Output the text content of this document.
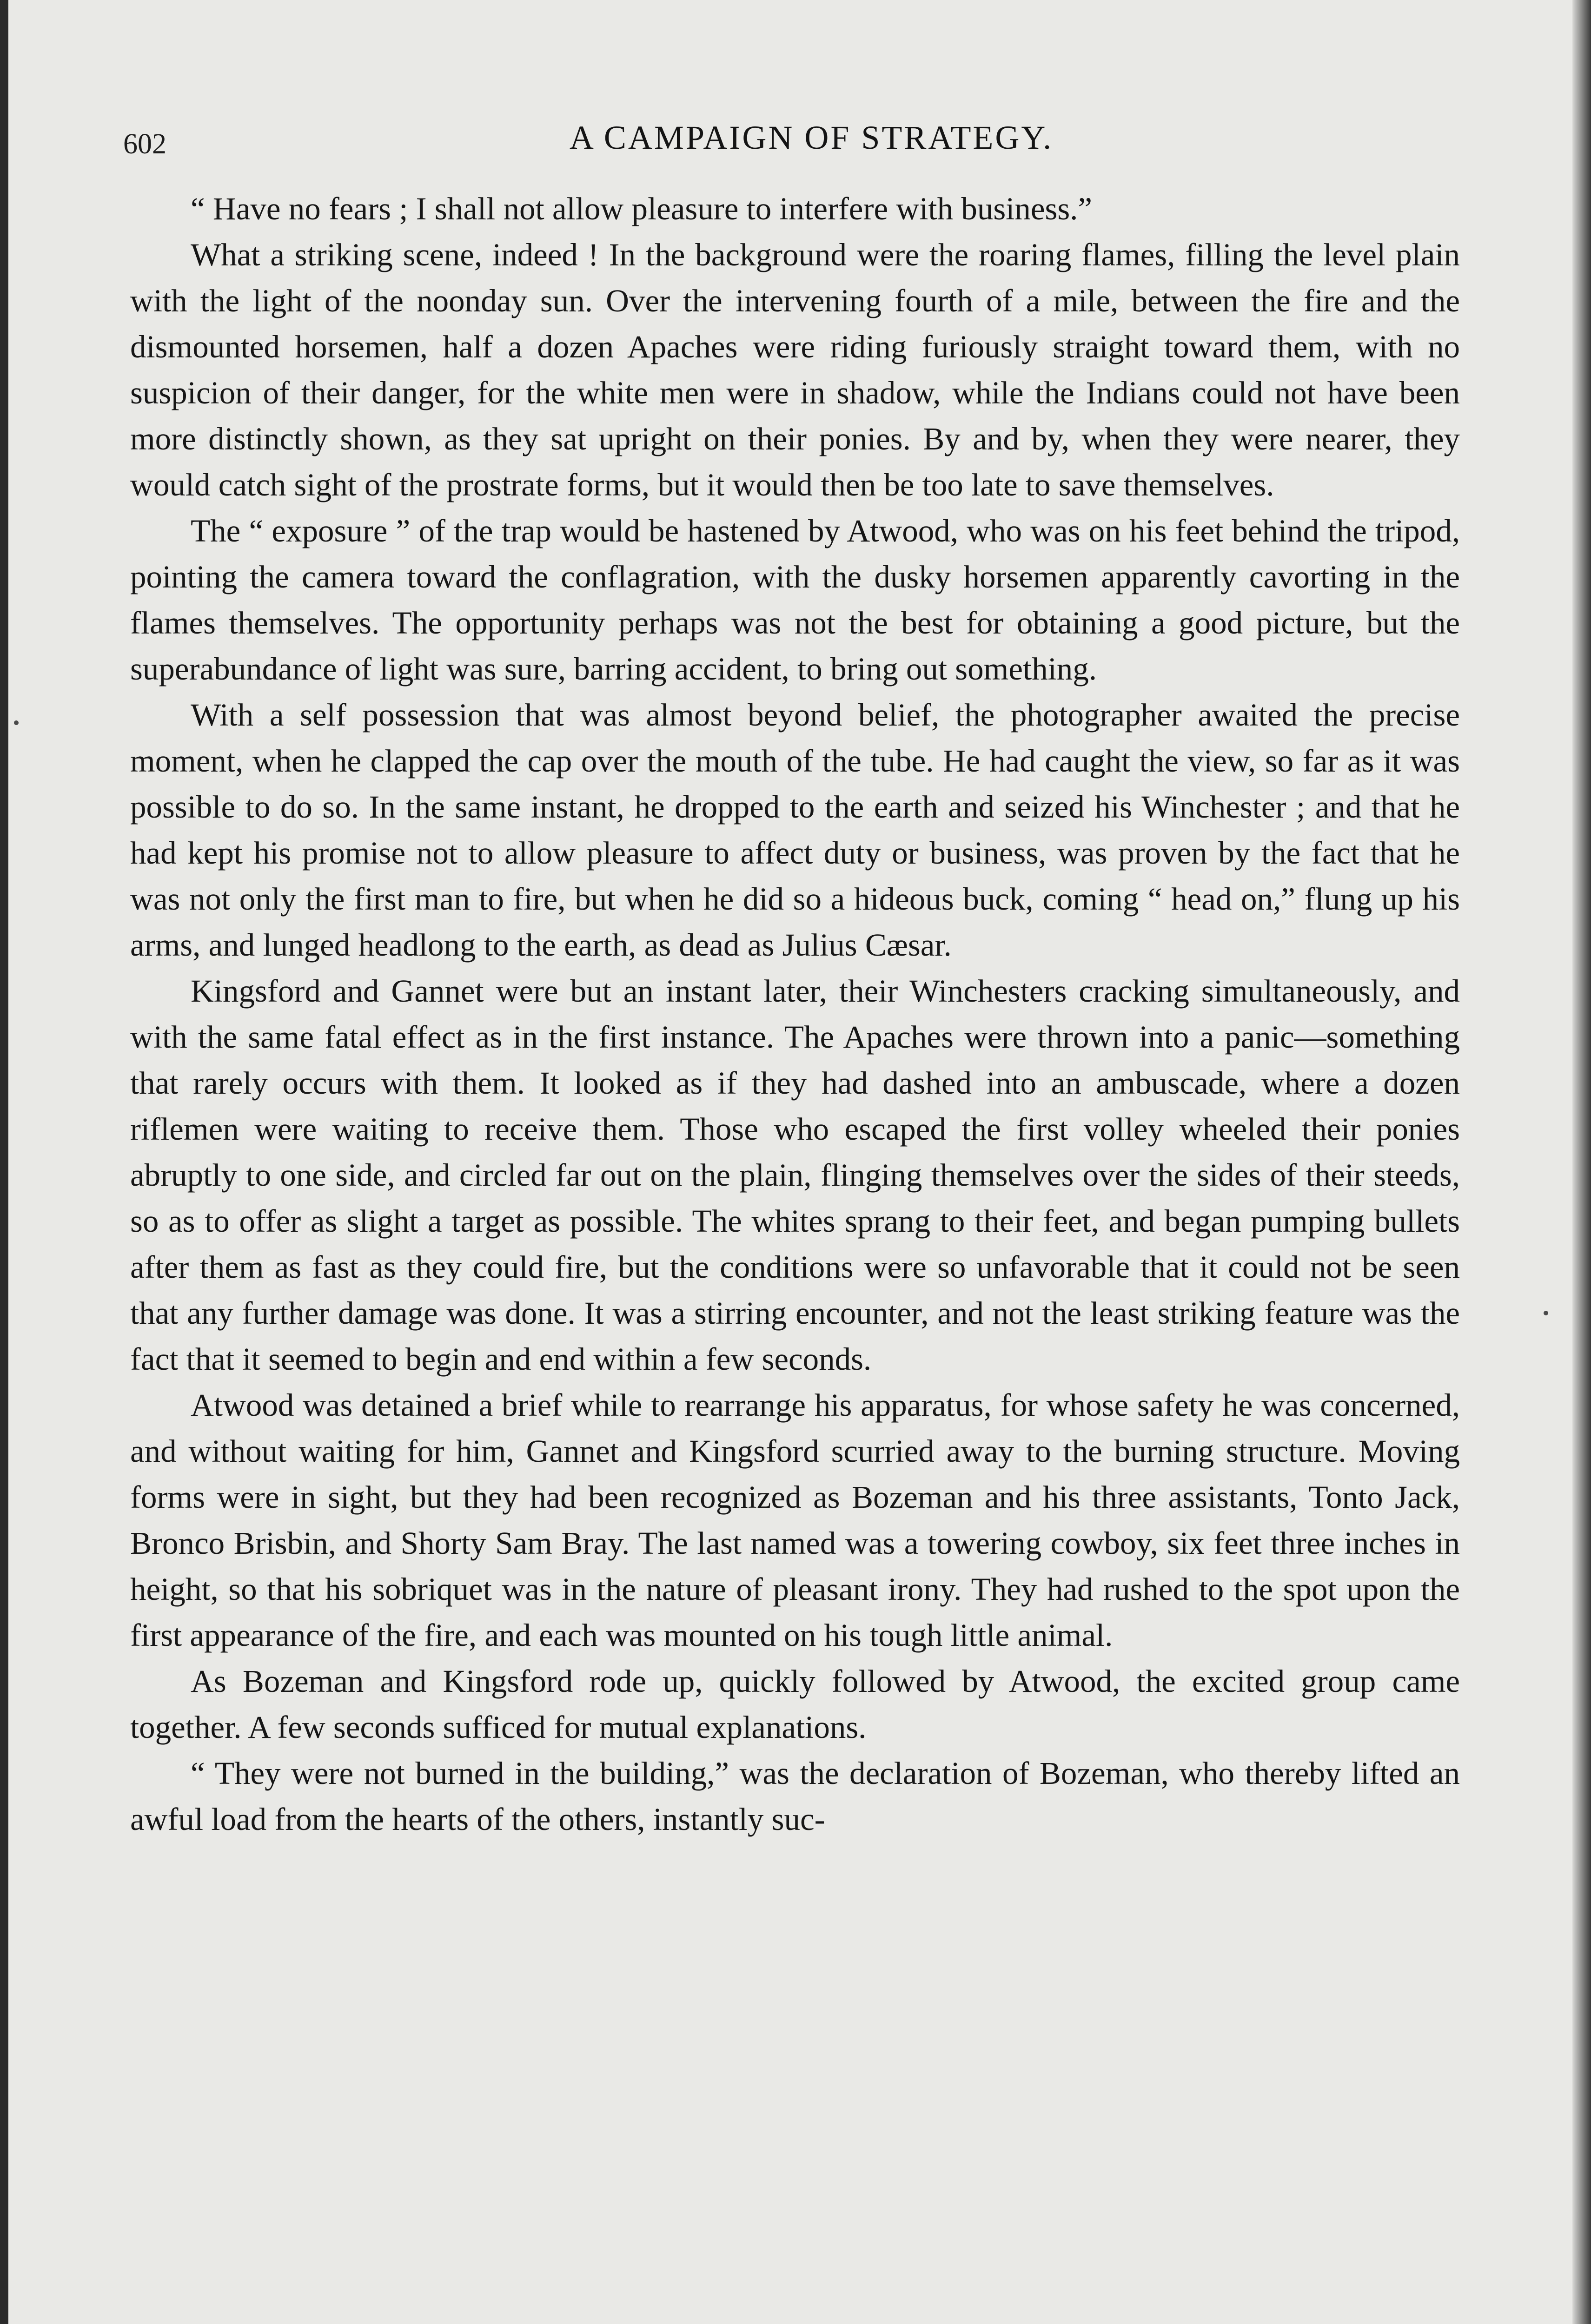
602	A CAMPAIGN OF STRATEGY.

“ Have no fears ; I shall not allow pleasure to interfere with business.”

What a striking scene, indeed ! In the background were the roaring flames, filling the level plain with the light of the noonday sun. Over the intervening fourth of a mile, between the fire and the dismounted horsemen, half a dozen Apaches were riding furiously straight toward them, with no suspicion of their danger, for the white men were in shadow, while the Indians could not have been more distinctly shown, as they sat upright on their ponies. By and by, when they were nearer, they would catch sight of the prostrate forms, but it would then be too late to save themselves.

The “ exposure ” of the trap would be hastened by Atwood, who was on his feet behind the tripod, pointing the camera toward the conflagration, with the dusky horsemen apparently cavorting in the flames themselves. The opportunity perhaps was not the best for obtaining a good picture, but the superabundance of light was sure, barring accident, to bring out something.

With a self possession that was almost beyond belief, the photographer awaited the precise moment, when he clapped the cap over the mouth of the tube. He had caught the view, so far as it was possible to do so. In the same instant, he dropped to the earth and seized his Winchester ; and that he had kept his promise not to allow pleasure to affect duty or business, was proven by the fact that he was not only the first man to fire, but when he did so a hideous buck, coming “ head on,” flung up his arms, and lunged headlong to the earth, as dead as Julius Cæsar.

Kingsford and Gannet were but an instant later, their Winchesters cracking simultaneously, and with the same fatal effect as in the first instance. The Apaches were thrown into a panic—something that rarely occurs with them. It looked as if they had dashed into an ambuscade, where a dozen riflemen were waiting to receive them. Those who escaped the first volley wheeled their ponies abruptly to one side, and circled far out on the plain, flinging themselves over the sides of their steeds, so as to offer as slight a target as possible. The whites sprang to their feet, and began pumping bullets after them as fast as they could fire, but the conditions were so unfavorable that it could not be seen that any further damage was done. It was a stirring encounter, and not the least striking feature was the fact that it seemed to begin and end within a few seconds.

Atwood was detained a brief while to rearrange his apparatus, for whose safety he was concerned, and without waiting for him, Gannet and Kingsford scurried away to the burning structure. Moving forms were in sight, but they had been recognized as Bozeman and his three assistants, Tonto Jack, Bronco Brisbin, and Shorty Sam Bray. The last named was a towering cowboy, six feet three inches in height, so that his sobriquet was in the nature of pleasant irony. They had rushed to the spot upon the first appearance of the fire, and each was mounted on his tough little animal.

As Bozeman and Kingsford rode up, quickly followed by Atwood, the excited group came together. A few seconds sufficed for mutual explanations.

“ They were not burned in the building,” was the declaration of Bozeman, who thereby lifted an awful load from the hearts of the others, instantly suc-
